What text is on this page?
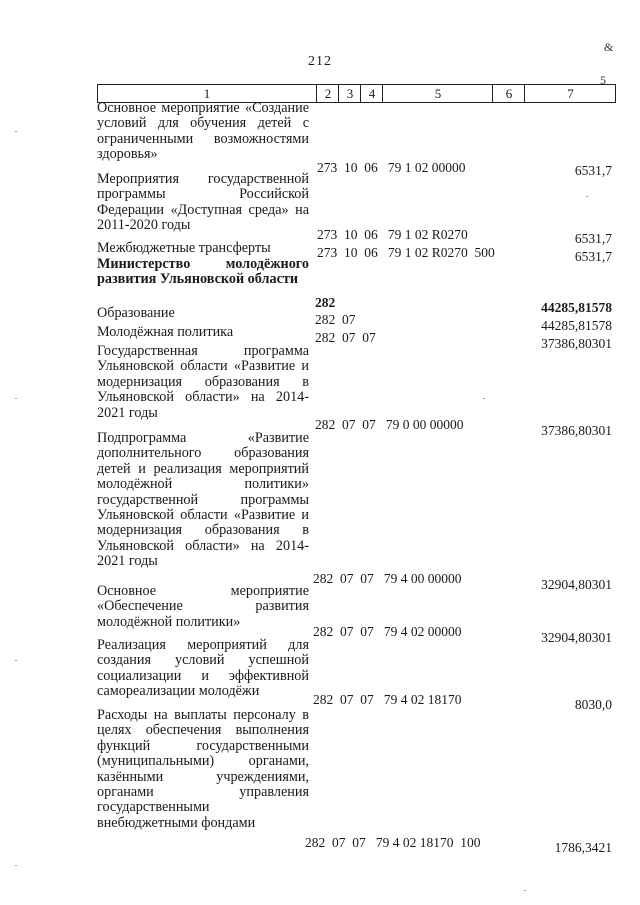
212
&
5
1	2	3	4	5	6	7
Основное мероприятие «Создание условий для обучения детей с ограниченными возможностями здоровья»
273  10  06   79 1 02 00000	6531,7
Мероприятия государственной программы Российской Федерации «Доступная среда» на 2011-2020 годы
273  10  06   79 1 02 R0270	6531,7
Межбюджетные трансферты	273  10  06   79 1 02 R0270  500	6531,7
Министерство молодёжного развития Ульяновской области
282	44285,81578
Образование	282  07	44285,81578
Молодёжная политика	282  07  07	37386,80301
Государственная программа Ульяновской области «Развитие и модернизация образования в Ульяновской области» на 2014-2021 годы
282  07  07   79 0 00 00000	37386,80301
Подпрограмма «Развитие дополнительного образования детей и реализация мероприятий молодёжной политики» государственной программы Ульяновской области «Развитие и модернизация образования в Ульяновской области» на 2014-2021 годы
282  07  07   79 4 00 00000	32904,80301
Основное мероприятие «Обеспечение развития молодёжной политики»
282  07  07   79 4 02 00000	32904,80301
Реализация мероприятий для создания условий успешной социализации и эффективной самореализации молодёжи
282  07  07   79 4 02 18170	8030,0
Расходы на выплаты персоналу в целях обеспечения выполнения функций государственными (муниципальными) органами, казёнными учреждениями, органами управления государственными внебюджетными фондами
282  07  07   79 4 02 18170  100	1786,3421
